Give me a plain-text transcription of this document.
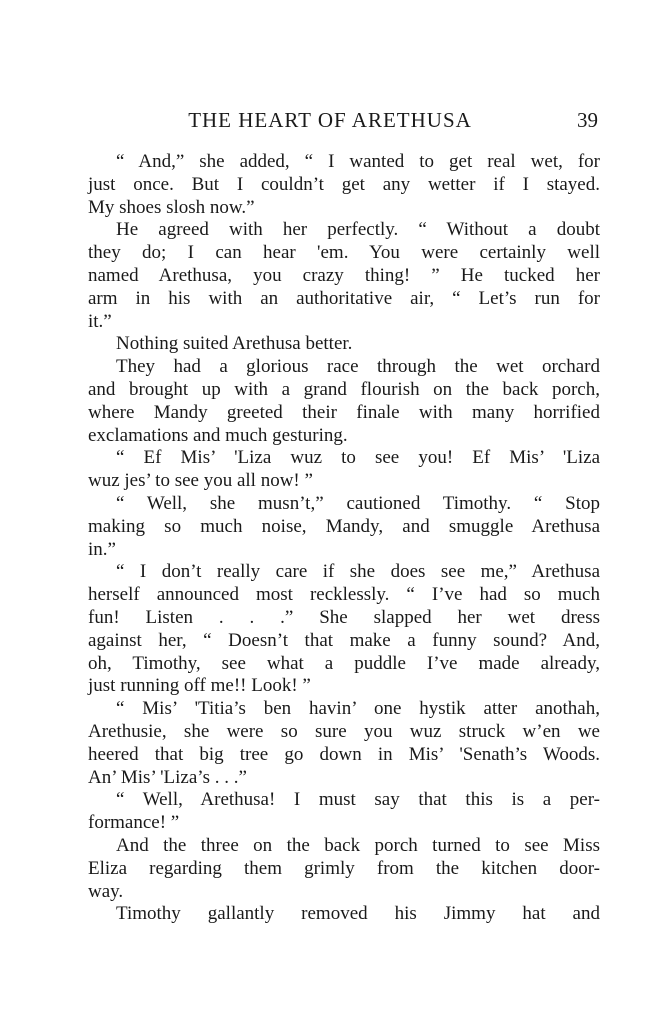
THE HEART OF ARETHUSA	39
“ And,” she added, “ I wanted to get real wet, for
just once. But I couldn’t get any wetter if I stayed.
My shoes slosh now.”
He agreed with her perfectly. “ Without a doubt
they do; I can hear 'em. You were certainly well
named Arethusa, you crazy thing! ” He tucked her
arm in his with an authoritative air, “ Let’s run for
it.”
Nothing suited Arethusa better.
They had a glorious race through the wet orchard
and brought up with a grand flourish on the back porch,
where Mandy greeted their finale with many horrified
exclamations and much gesturing.
“ Ef Mis’ 'Liza wuz to see you! Ef Mis’ 'Liza
wuz jes’ to see you all now! ”
“ Well, she musn’t,” cautioned Timothy. “ Stop
making so much noise, Mandy, and smuggle Arethusa
in.”
“ I don’t really care if she does see me,” Arethusa
herself announced most recklessly. “ I’ve had so much
fun! Listen . . .” She slapped her wet dress
against her, “ Doesn’t that make a funny sound? And,
oh, Timothy, see what a puddle I’ve made already,
just running off me!! Look! ”
“ Mis’ 'Titia’s ben havin’ one hystik atter anothah,
Arethusie, she were so sure you wuz struck w’en we
heered that big tree go down in Mis’ 'Senath’s Woods.
An’ Mis’ 'Liza’s . . .”
“ Well, Arethusa! I must say that this is a per-
formance! ”
And the three on the back porch turned to see Miss
Eliza regarding them grimly from the kitchen door-
way.
Timothy gallantly removed his Jimmy hat and
